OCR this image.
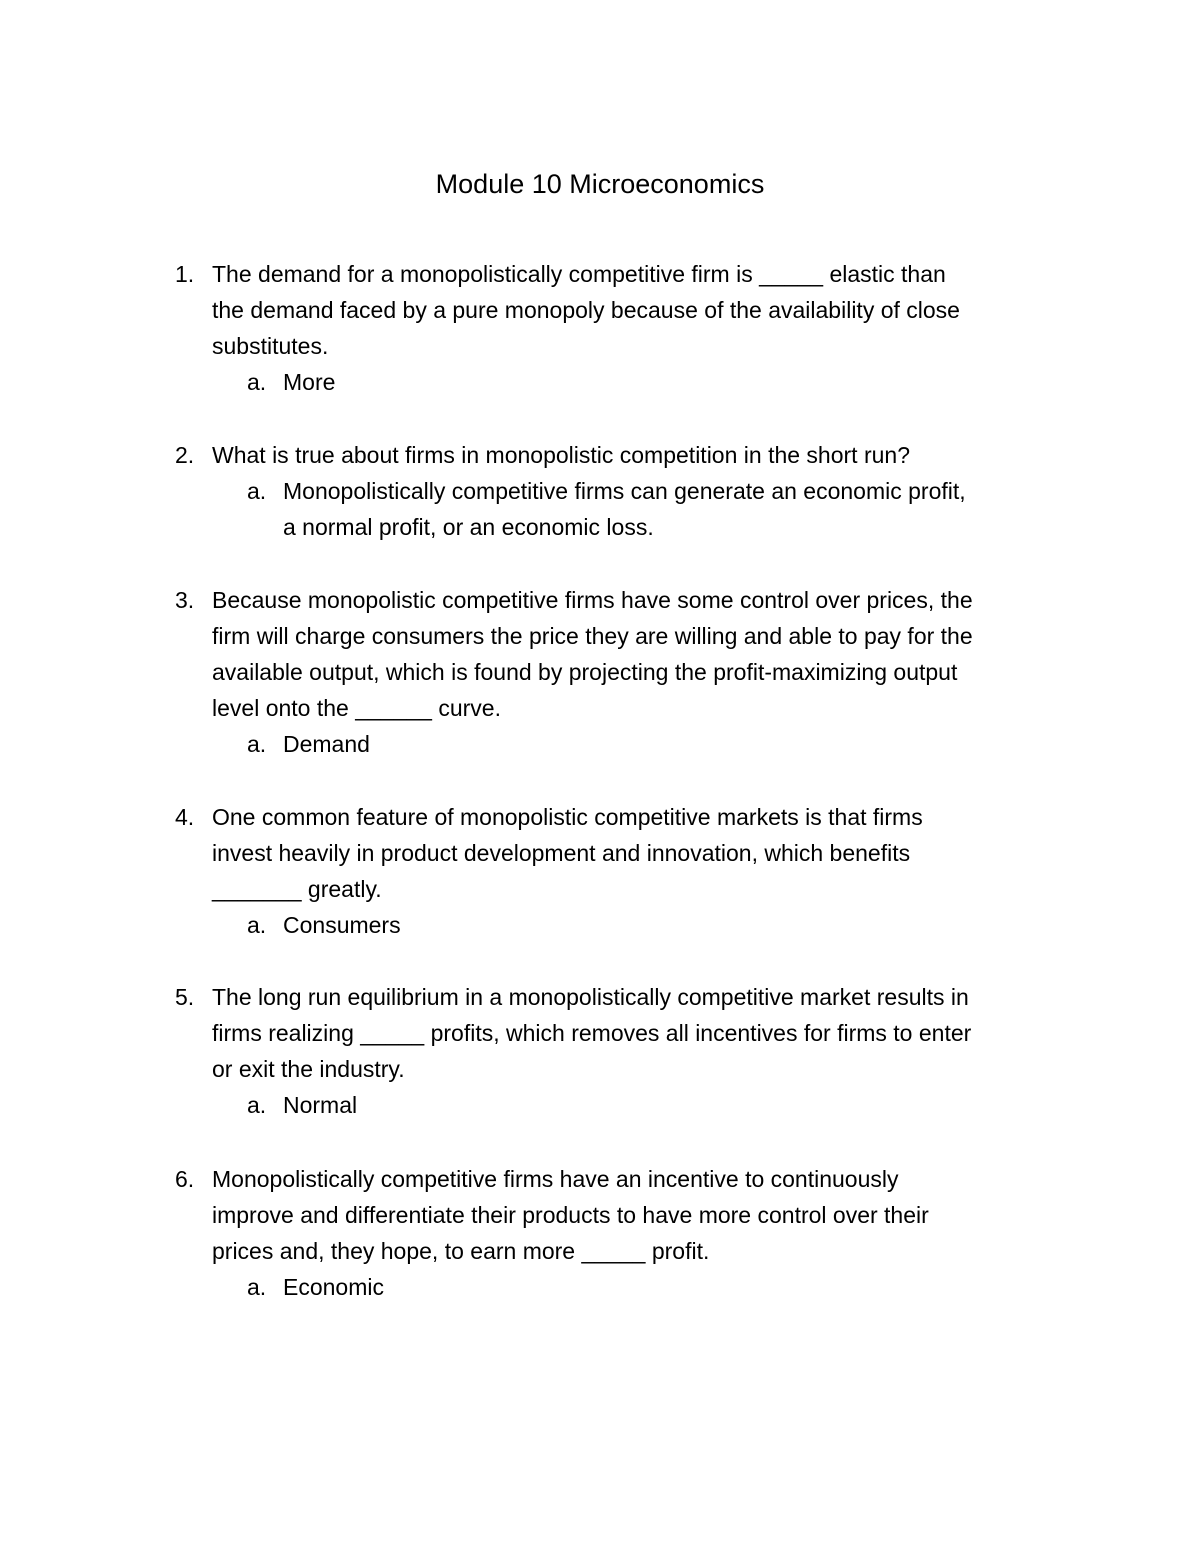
Module 10 Microeconomics
1. The demand for a monopolistically competitive firm is _____ elastic than
the demand faced by a pure monopoly because of the availability of close
substitutes.
a. More
2. What is true about firms in monopolistic competition in the short run?
a. Monopolistically competitive firms can generate an economic profit,
a normal profit, or an economic loss.
3. Because monopolistic competitive firms have some control over prices, the
firm will charge consumers the price they are willing and able to pay for the
available output, which is found by projecting the profit-maximizing output
level onto the ______ curve.
a. Demand
4. One common feature of monopolistic competitive markets is that firms
invest heavily in product development and innovation, which benefits
_______ greatly.
a. Consumers
5. The long run equilibrium in a monopolistically competitive market results in
firms realizing _____ profits, which removes all incentives for firms to enter
or exit the industry.
a. Normal
6. Monopolistically competitive firms have an incentive to continuously
improve and differentiate their products to have more control over their
prices and, they hope, to earn more _____ profit.
a. Economic
